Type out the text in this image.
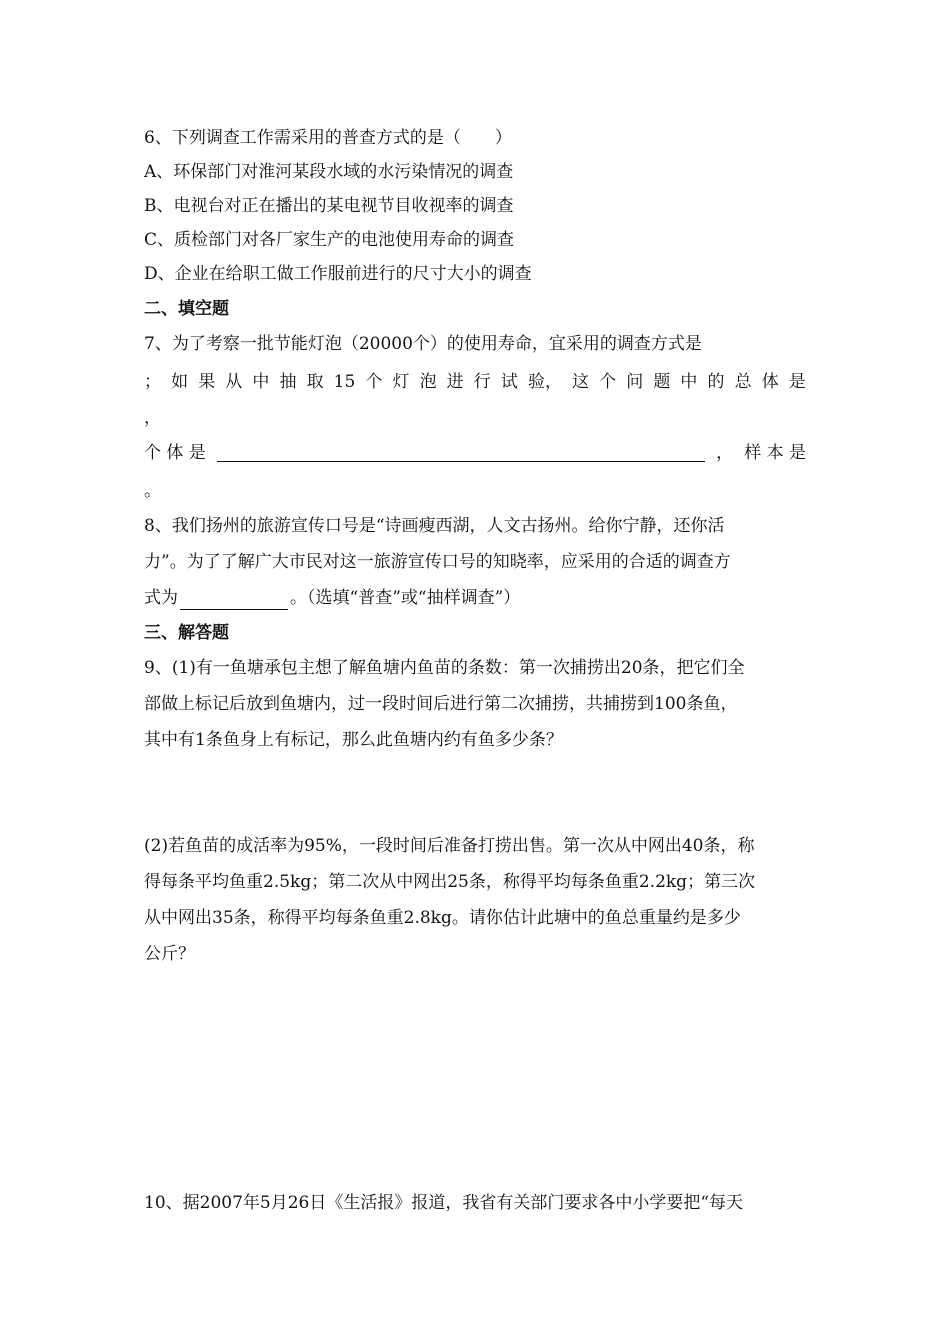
6、下列调查工作需采用的普查方式的是（　　）
A、环保部门对淮河某段水域的水污染情况的调查
B、电视台对正在播出的某电视节目收视率的调查
C、质检部门对各厂家生产的电池使用寿命的调查
D、企业在给职工做工作服前进行的尺寸大小的调查
二、填空题
7、为了考察一批节能灯泡（20000个）的使用寿命，宜采用的调查方式是
； 如 果 从 中 抽 取 15 个 灯 泡 进 行 试 验， 这 个 问 题 中 的 总 体 是
，
个 体 是	， 样 本 是
。
8、我们扬州的旅游宣传口号是“诗画瘦西湖，人文古扬州。给你宁静，还你活
力”。为了了解广大市民对这一旅游宣传口号的知晓率，应采用的合适的调查方
式为	。（选填“普查”或“抽样调查”）
三、解答题
9、(1)有一鱼塘承包主想了解鱼塘内鱼苗的条数：第一次捕捞出20条，把它们全
部做上标记后放到鱼塘内，过一段时间后进行第二次捕捞，共捕捞到100条鱼，
其中有1条鱼身上有标记，那么此鱼塘内约有鱼多少条？
(2)若鱼苗的成活率为95%，一段时间后准备打捞出售。第一次从中网出40条，称
得每条平均鱼重2.5kg；第二次从中网出25条，称得平均每条鱼重2.2kg；第三次
从中网出35条，称得平均每条鱼重2.8kg。请你估计此塘中的鱼总重量约是多少
公斤？
10、据2007年5月26日《生活报》报道，我省有关部门要求各中小学要把“每天
